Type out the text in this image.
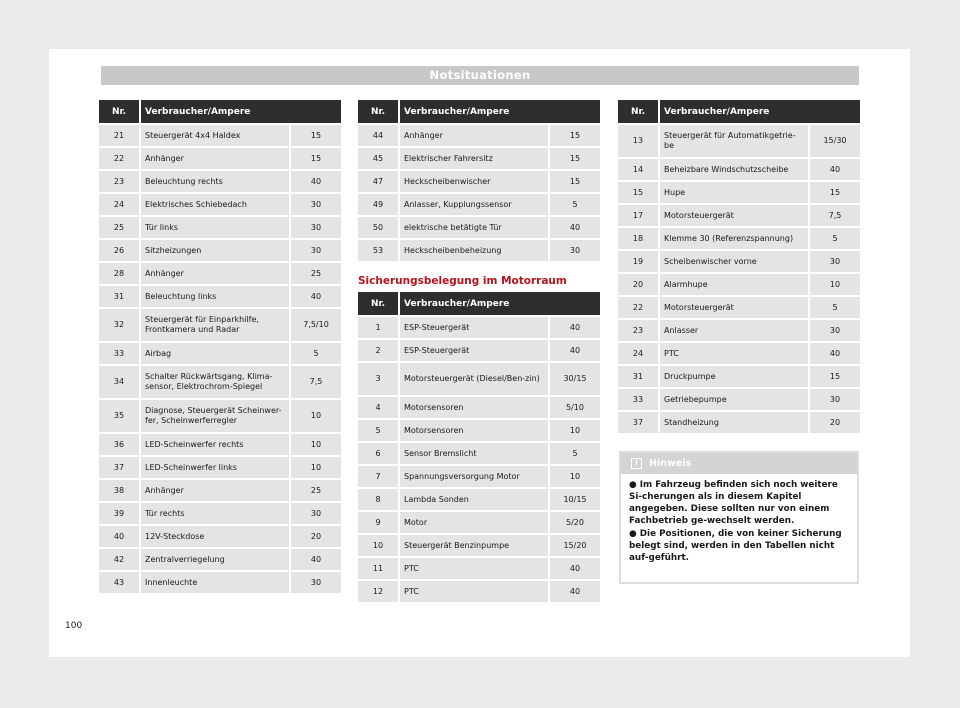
Notsituationen
Nr.	Verbraucher/Ampere	
21	Steuergerät 4x4 Haldex	15
22	Anhänger	15
23	Beleuchtung rechts	40
24	Elektrisches Schiebedach	30
25	Tür links	30
26	Sitzheizungen	30
28	Anhänger	25
31	Beleuchtung links	40
32	Steuergerät für Einparkhilfe, Frontkamera und Radar	7,5/10
33	Airbag	5
34	Schalter Rückwärtsgang, Klima-sensor, Elektrochrom-Spiegel	7,5
35	Diagnose, Steuergerät Scheinwer-fer, Scheinwerferregler	10
36	LED-Scheinwerfer rechts	10
37	LED-Scheinwerfer links	10
38	Anhänger	25
39	Tür rechts	30
40	12V-Steckdose	20
42	Zentralverriegelung	40
43	Innenleuchte	30
Nr.	Verbraucher/Ampere	
44	Anhänger	15
45	Elektrischer Fahrersitz	15
47	Heckscheibenwischer	15
49	Anlasser, Kupplungssensor	5
50	elektrische betätigte Tür	40
53	Heckscheibenbeheizung	30
Sicherungsbelegung im Motorraum
Nr.	Verbraucher/Ampere	
1	ESP-Steuergerät	40
2	ESP-Steuergerät	40
3	Motorsteuergerät (Diesel/Ben-zin)	30/15
4	Motorsensoren	5/10
5	Motorsensoren	10
6	Sensor Bremslicht	5
7	Spannungsversorgung Motor	10
8	Lambda Sonden	10/15
9	Motor	5/20
10	Steuergerät Benzinpumpe	15/20
11	PTC	40
12	PTC	40
Nr.	Verbraucher/Ampere	
13	Steuergerät für Automatikgetrie-be	15/30
14	Beheizbare Windschutzscheibe	40
15	Hupe	15
17	Motorsteuergerät	7,5
18	Klemme 30 (Referenzspannung)	5
19	Scheibenwischer vorne	30
20	Alarmhupe	10
22	Motorsteuergerät	5
23	Anlasser	30
24	PTC	40
31	Druckpumpe	15
33	Getriebepumpe	30
37	Standheizung	20
i	Hinweis

● Im Fahrzeug befinden sich noch weitere Si-cherungen als in diesem Kapitel angegeben. Diese sollten nur von einem Fachbetrieb ge-wechselt werden.

● Die Positionen, die von keiner Sicherung belegt sind, werden in den Tabellen nicht auf-geführt.

100
